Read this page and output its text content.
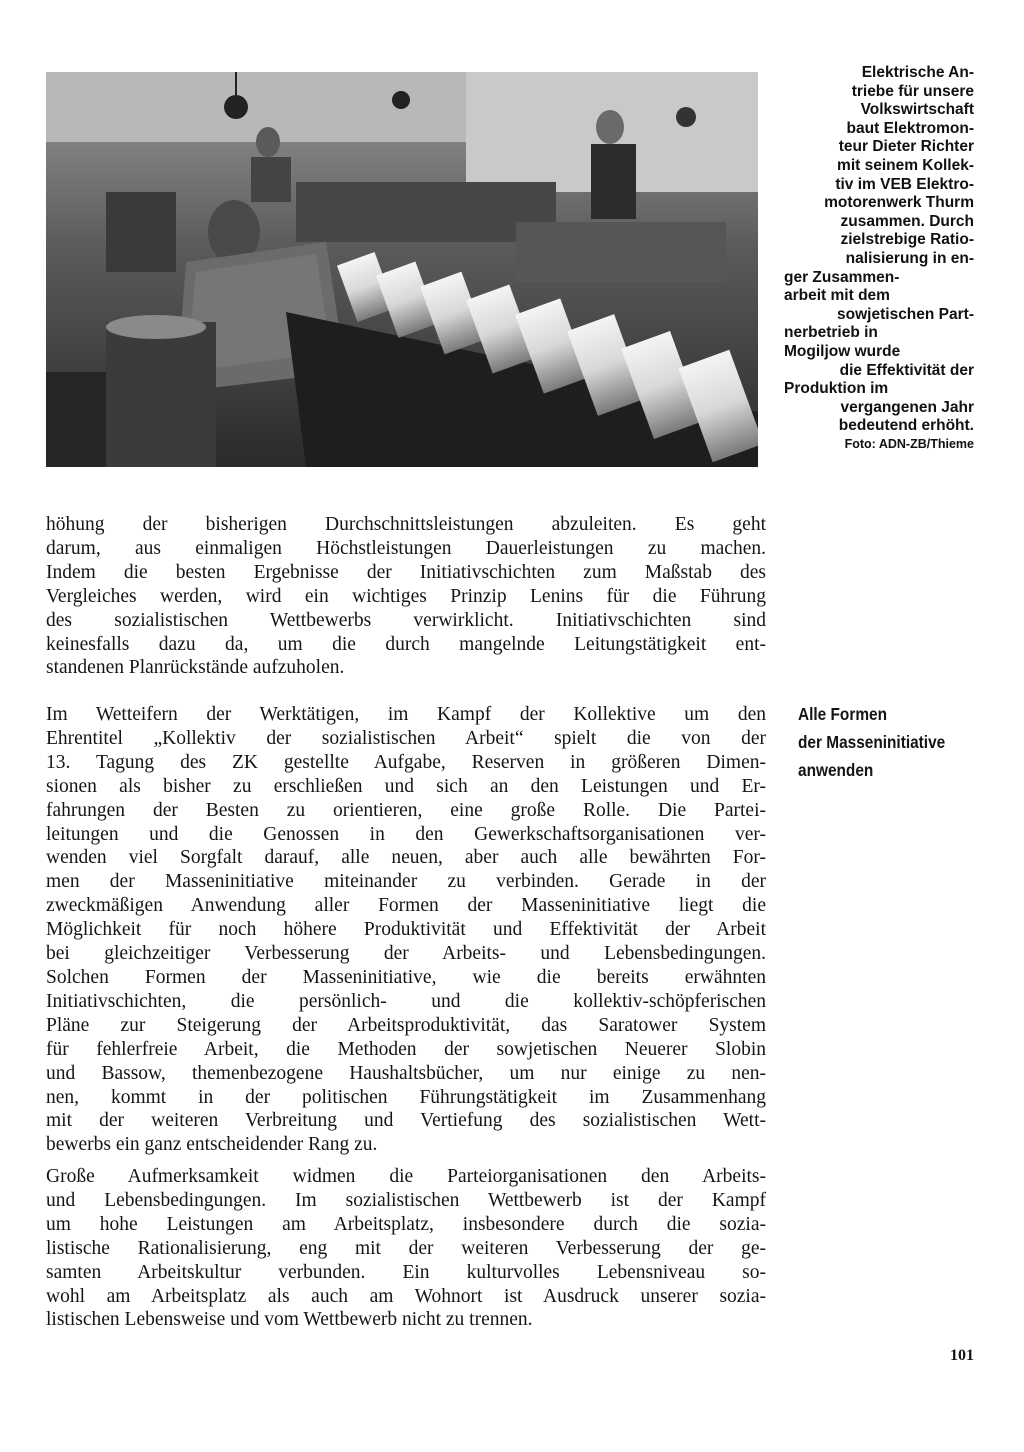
Elektrische An-
triebe für unsere
Volkswirtschaft
baut Elektromon-
teur Dieter Richter
mit seinem Kollek-
tiv im VEB Elektro-
motorenwerk Thurm
zusammen. Durch
zielstrebige Ratio-
nalisierung in en-
ger Zusammen-
arbeit mit dem
sowjetischen Part-
nerbetrieb in
Mogiljow wurde
die Effektivität der
Produktion im
vergangenen Jahr
bedeutend erhöht.
Foto: ADN-ZB/Thieme
höhung der bisherigen Durchschnittsleistungen abzuleiten. Es geht
darum, aus einmaligen Höchstleistungen Dauerleistungen zu machen.
Indem die besten Ergebnisse der Initiativschichten zum Maßstab des
Vergleiches werden, wird ein wichtiges Prinzip Lenins für die Führung
des sozialistischen Wettbewerbs verwirklicht. Initiativschichten sind
keinesfalls dazu da, um die durch mangelnde Leitungstätigkeit ent-
standenen Planrückstände aufzuholen.
Alle Formen
der Masseninitiative
anwenden
Im Wetteifern der Werktätigen, im Kampf der Kollektive um den
Ehrentitel „Kollektiv der sozialistischen Arbeit“ spielt die von der
13. Tagung des ZK gestellte Aufgabe, Reserven in größeren Dimen-
sionen als bisher zu erschließen und sich an den Leistungen und Er-
fahrungen der Besten zu orientieren, eine große Rolle. Die Partei-
leitungen und die Genossen in den Gewerkschaftsorganisationen ver-
wenden viel Sorgfalt darauf, alle neuen, aber auch alle bewährten For-
men der Masseninitiative miteinander zu verbinden. Gerade in der
zweckmäßigen Anwendung aller Formen der Masseninitiative liegt die
Möglichkeit für noch höhere Produktivität und Effektivität der Arbeit
bei gleichzeitiger Verbesserung der Arbeits- und Lebensbedingungen.
Solchen Formen der Masseninitiative, wie die bereits erwähnten
Initiativschichten, die persönlich- und die kollektiv-schöpferischen
Pläne zur Steigerung der Arbeitsproduktivität, das Saratower System
für fehlerfreie Arbeit, die Methoden der sowjetischen Neuerer Slobin
und Bassow, themenbezogene Haushaltsbücher, um nur einige zu nen-
nen, kommt in der politischen Führungstätigkeit im Zusammenhang
mit der weiteren Verbreitung und Vertiefung des sozialistischen Wett-
bewerbs ein ganz entscheidender Rang zu.
Große Aufmerksamkeit widmen die Parteiorganisationen den Arbeits-
und Lebensbedingungen. Im sozialistischen Wettbewerb ist der Kampf
um hohe Leistungen am Arbeitsplatz, insbesondere durch die sozia-
listische Rationalisierung, eng mit der weiteren Verbesserung der ge-
samten Arbeitskultur verbunden. Ein kulturvolles Lebensniveau so-
wohl am Arbeitsplatz als auch am Wohnort ist Ausdruck unserer sozia-
listischen Lebensweise und vom Wettbewerb nicht zu trennen.
101
